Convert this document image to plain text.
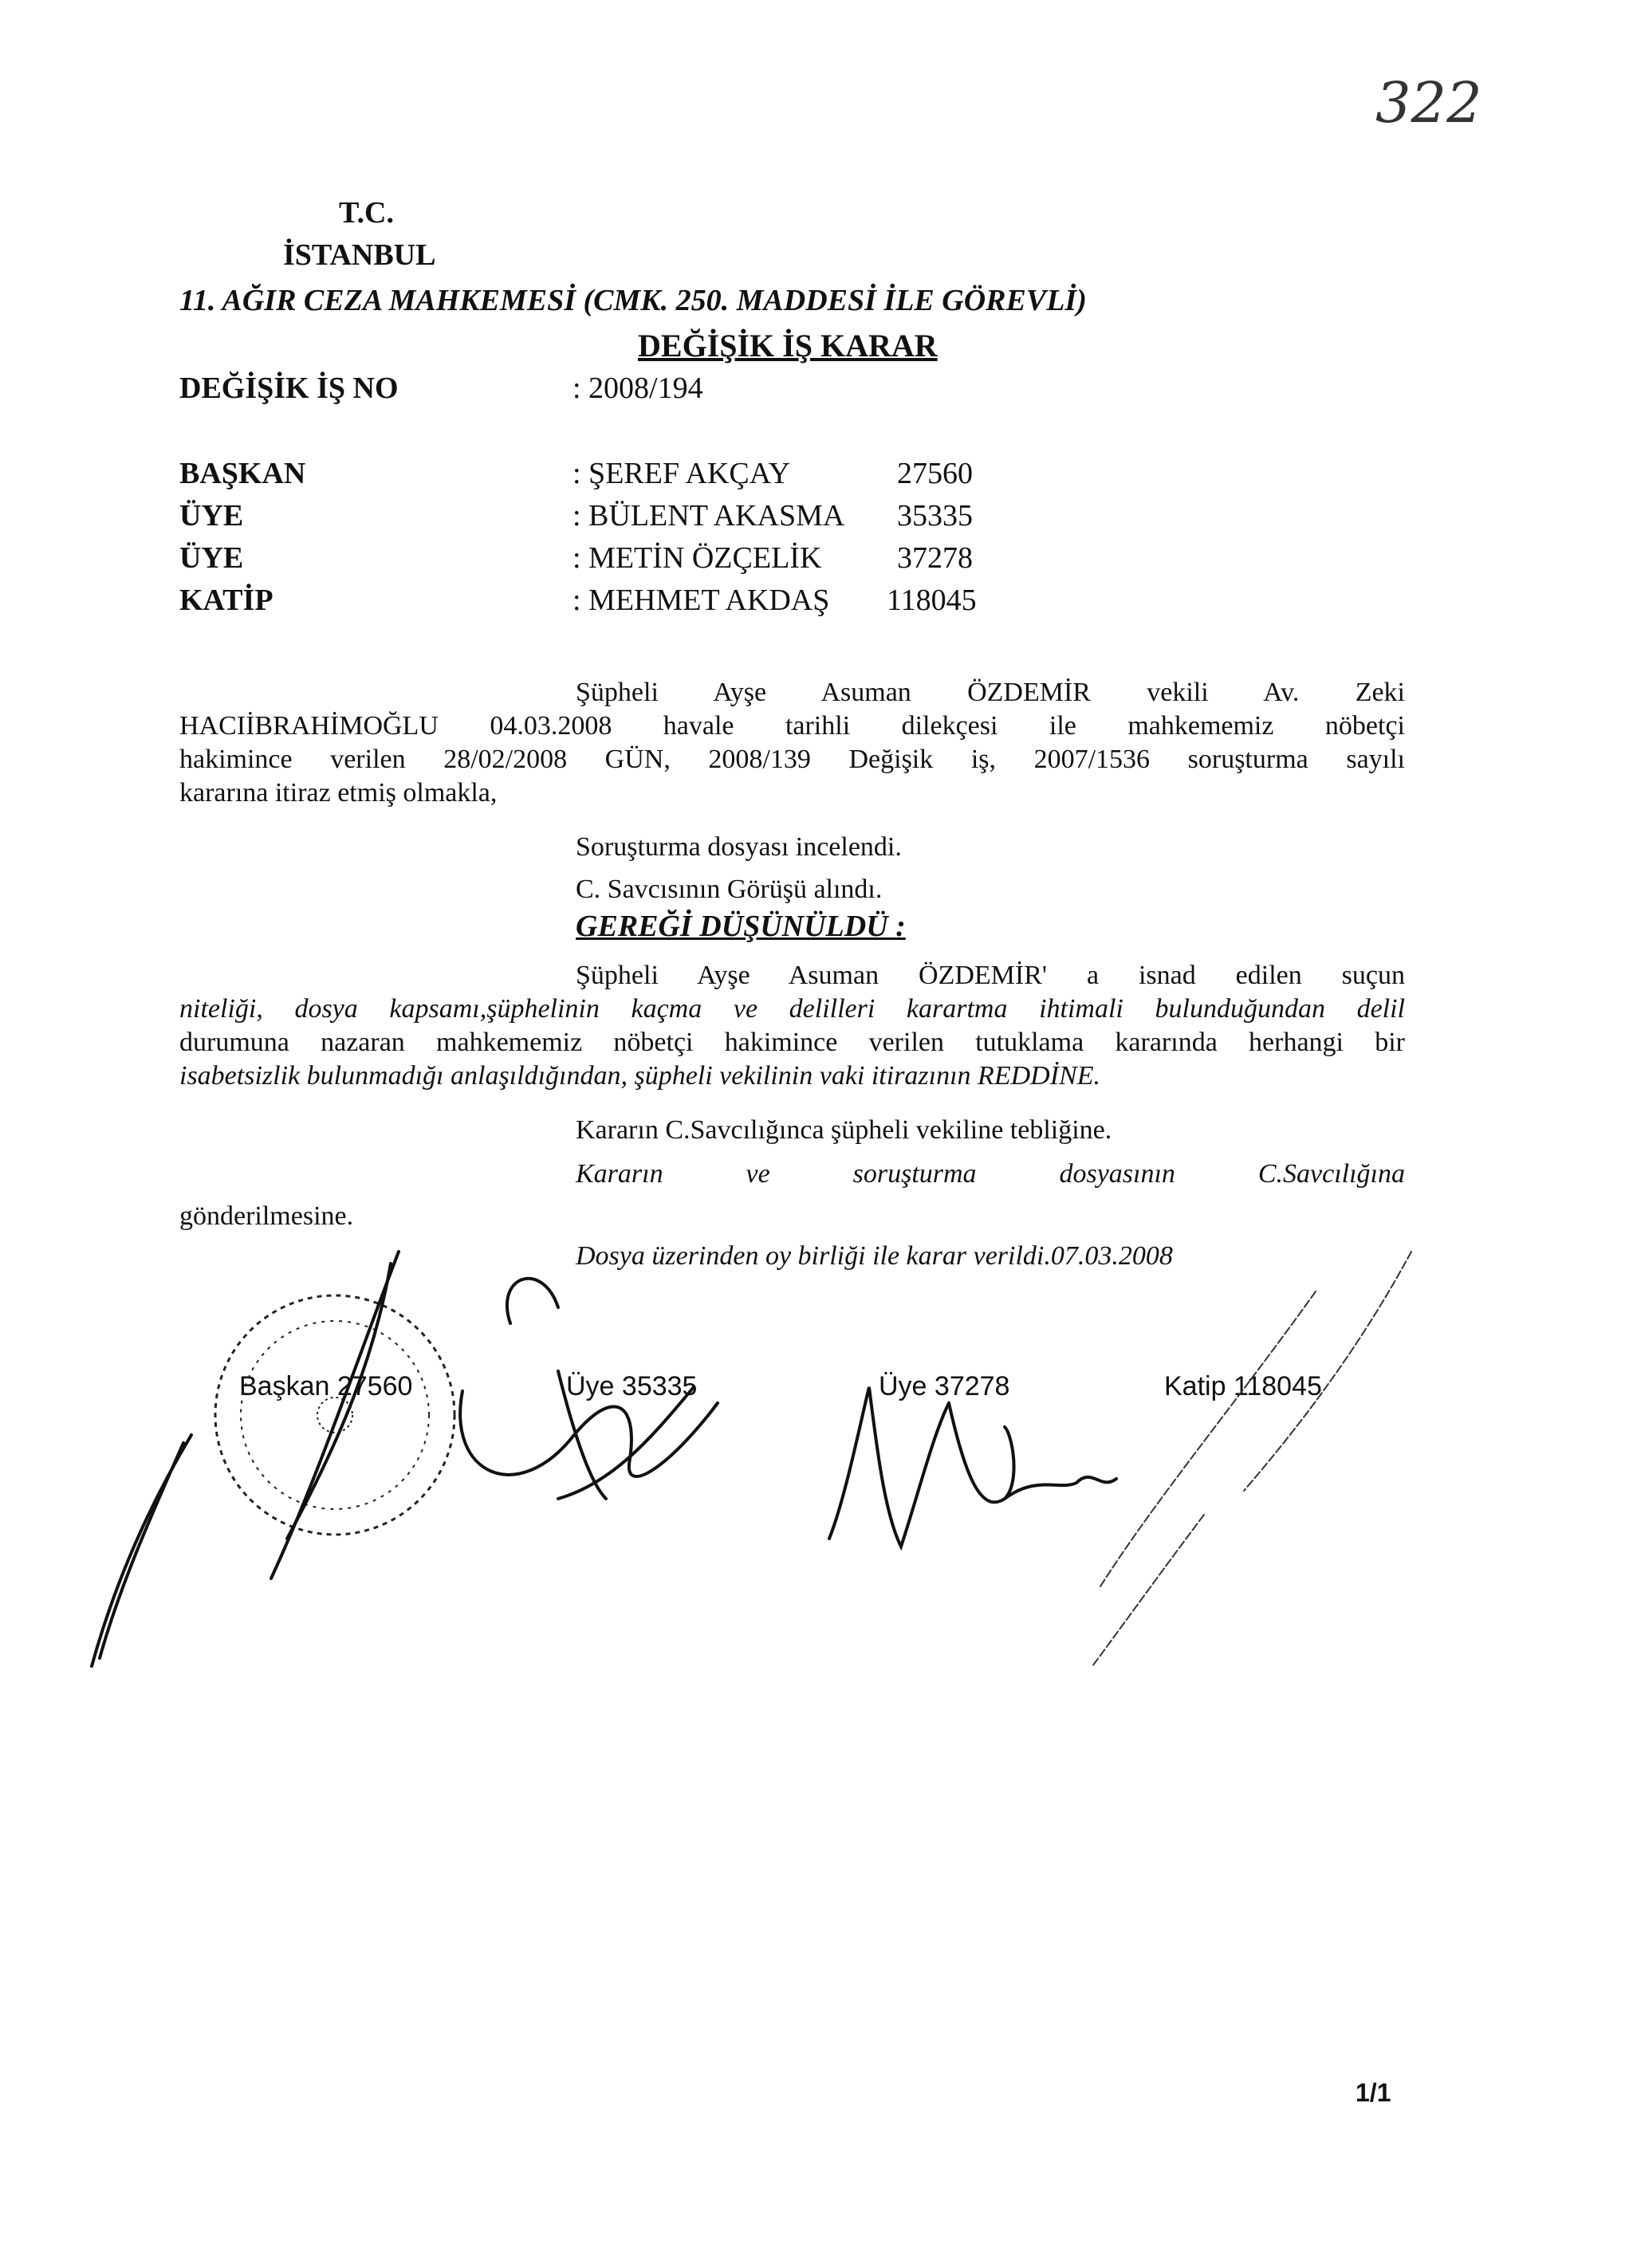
322
T.C.
İSTANBUL
11. AĞIR CEZA MAHKEMESİ (CMK. 250. MADDESİ İLE GÖREVLİ)
DEĞİŞİK İŞ KARAR
DEĞİŞİK İŞ NO	: 2008/194
BAŞKAN	: ŞEREF AKÇAY	27560
ÜYE	: BÜLENT AKASMA 35335
ÜYE	: METİN ÖZÇELİK 37278
KATİP	: MEHMET AKDAŞ 118045
Şüpheli Ayşe Asuman ÖZDEMİR vekili Av. Zeki
HACIİBRAHİMOĞLU 04.03.2008 havale tarihli dilekçesi ile mahkememiz nöbetçi
hakimince verilen 28/02/2008 GÜN, 2008/139 Değişik iş, 2007/1536 soruşturma sayılı
kararına itiraz etmiş olmakla,
Soruşturma dosyası incelendi.
C. Savcısının Görüşü alındı.
GEREĞİ DÜŞÜNÜLDÜ :
Şüpheli Ayşe Asuman ÖZDEMİR' a isnad edilen suçun
niteliği, dosya kapsamı,şüphelinin kaçma ve delilleri karartma ihtimali bulunduğundan delil
durumuna nazaran mahkememiz nöbetçi hakimince verilen tutuklama kararında herhangi bir
isabetsizlik bulunmadığı anlaşıldığından, şüpheli vekilinin vaki itirazının REDDİNE.
Kararın C.Savcılığınca şüpheli vekiline tebliğine.
Kararın ve soruşturma dosyasının C.Savcılığına
gönderilmesine.
Dosya üzerinden oy birliği ile karar verildi.07.03.2008
Başkan 27560	Üye 35335	Üye 37278	Katip 118045
1/1
